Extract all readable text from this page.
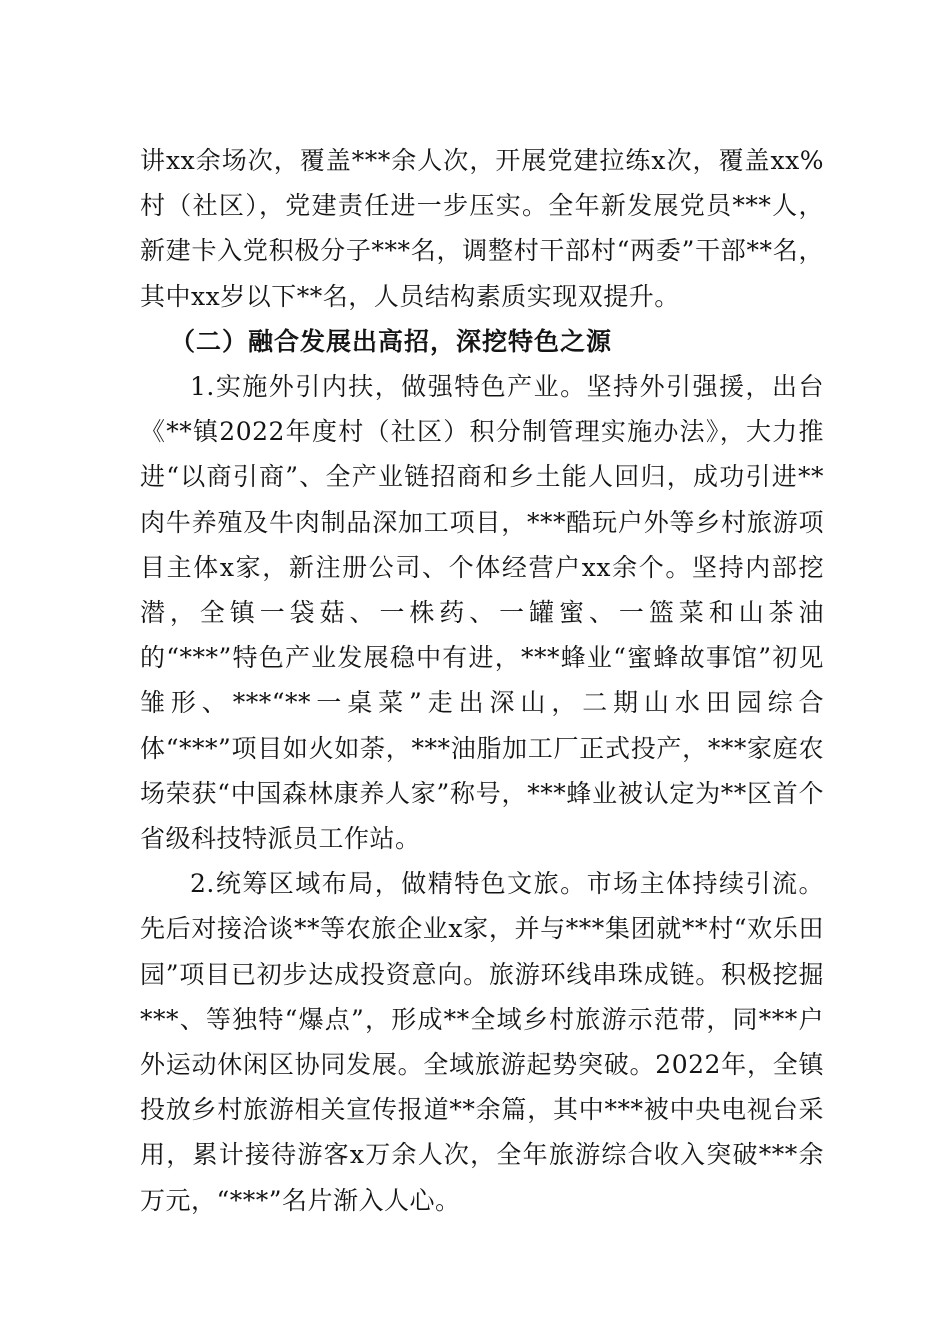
讲xx余场次，覆盖***余人次，开展党建拉练x次，覆盖xx%村（社区），党建责任进一步压实。全年新发展党员***人，新建卡入党积极分子***名，调整村干部村“两委”干部**名，其中xx岁以下**名，人员结构素质实现双提升。

（二）融合发展出高招，深挖特色之源

1.实施外引内扶，做强特色产业。坚持外引强援，出台《**镇2022年度村（社区）积分制管理实施办法》，大力推进“以商引商”、全产业链招商和乡土能人回归，成功引进**肉牛养殖及牛肉制品深加工项目，***酷玩户外等乡村旅游项目主体x家，新注册公司、个体经营户xx余个。坚持内部挖潜，全镇一袋菇、一株药、一罐蜜、一篮菜和山茶油的“***”特色产业发展稳中有进，***蜂业“蜜蜂故事馆”初见雏形、***“**一桌菜”走出深山，二期山水田园综合体“***”项目如火如荼，***油脂加工厂正式投产，***家庭农场荣获“中国森林康养人家”称号，***蜂业被认定为**区首个省级科技特派员工作站。

2.统筹区域布局，做精特色文旅。市场主体持续引流。先后对接洽谈**等农旅企业x家，并与***集团就**村“欢乐田园”项目已初步达成投资意向。旅游环线串珠成链。积极挖掘***、等独特“爆点”，形成**全域乡村旅游示范带，同***户外运动休闲区协同发展。全域旅游起势突破。2022年，全镇投放乡村旅游相关宣传报道**余篇，其中***被中央电视台采用，累计接待游客x万余人次，全年旅游综合收入突破***余万元，“***”名片渐入人心。
